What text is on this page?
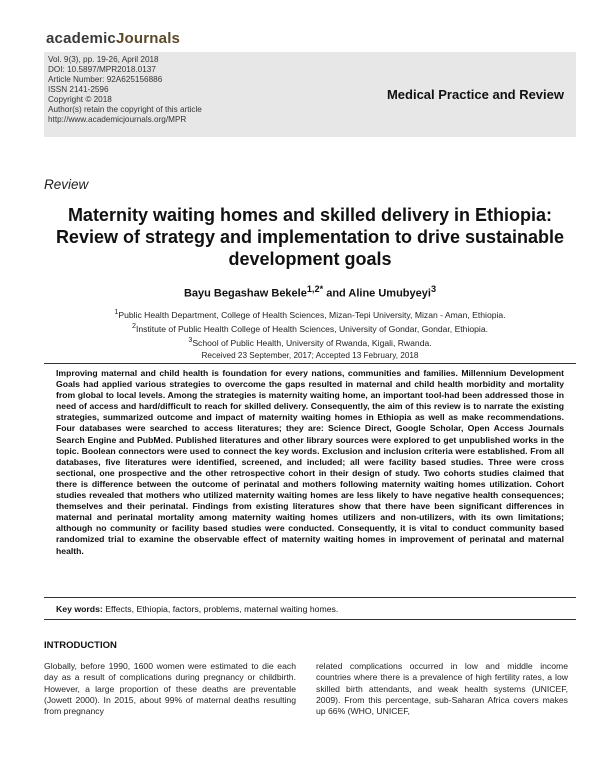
academicJournals
Vol. 9(3), pp. 19-26, April 2018
DOI: 10.5897/MPR2018.0137
Article Number: 92A625156886
ISSN 2141-2596
Copyright © 2018
Author(s) retain the copyright of this article
http://www.academicjournals.org/MPR
Medical Practice and Review
Review
Maternity waiting homes and skilled delivery in Ethiopia: Review of strategy and implementation to drive sustainable development goals
Bayu Begashaw Bekele$^{1,2*}$ and Aline Umubyeyi$^3$
$^1$Public Health Department, College of Health Sciences, Mizan-Tepi University, Mizan - Aman, Ethiopia.
$^2$Institute of Public Health College of Health Sciences, University of Gondar, Gondar, Ethiopia.
$^3$School of Public Health, University of Rwanda, Kigali, Rwanda.
Received 23 September, 2017; Accepted 13 February, 2018

Improving maternal and child health is foundation for every nations, communities and families. Millennium Development Goals had applied various strategies to overcome the gaps resulted in maternal and child health morbidity and mortality from global to local levels. Among the strategies is maternity waiting home, an important tool-had been addressed those in need of access and hard/difficult to reach for skilled delivery. Consequently, the aim of this review is to narrate the existing strategies, summarized outcome and impact of maternity waiting homes in Ethiopia as well as make recommendations. Four databases were searched to access literatures; they are: Science Direct, Google Scholar, Open Access Journals Search Engine and PubMed. Published literatures and other library sources were explored to get unpublished works in the topic. Boolean connectors were used to connect the key words. Exclusion and inclusion criteria were established. From all databases, five literatures were identified, screened, and included; all were facility based studies. Three were cross sectional, one prospective and the other retrospective cohort in their design of study. Two cohorts studies claimed that there is difference between the outcome of perinatal and mothers following maternity waiting homes utilization. Cohort studies revealed that mothers who utilized maternity waiting homes are less likely to have negative health consequences; themselves and their perinatal. Findings from existing literatures show that there have been significant differences in maternal and perinatal mortality among maternity waiting homes utilizers and non-utilizers, with its own limitations; although no community or facility based studies were conducted. Consequently, it is vital to conduct community based randomized trial to examine the observable effect of maternity waiting homes in improvement of perinatal and maternal health.

Key words: Effects, Ethiopia, factors, problems, maternal waiting homes.
INTRODUCTION
Globally, before 1990, 1600 women were estimated to die each day as a result of complications during pregnancy or childbirth. However, a large proportion of these deaths are preventable (Jowett 2000). In 2015, about 99% of maternal deaths resulting from pregnancy
related complications occurred in low and middle income countries where there is a prevalence of high fertility rates, a low skilled birth attendants, and weak health systems (UNICEF, 2009). From this percentage, sub-Saharan Africa covers makes up 66% (WHO, UNICEF,
